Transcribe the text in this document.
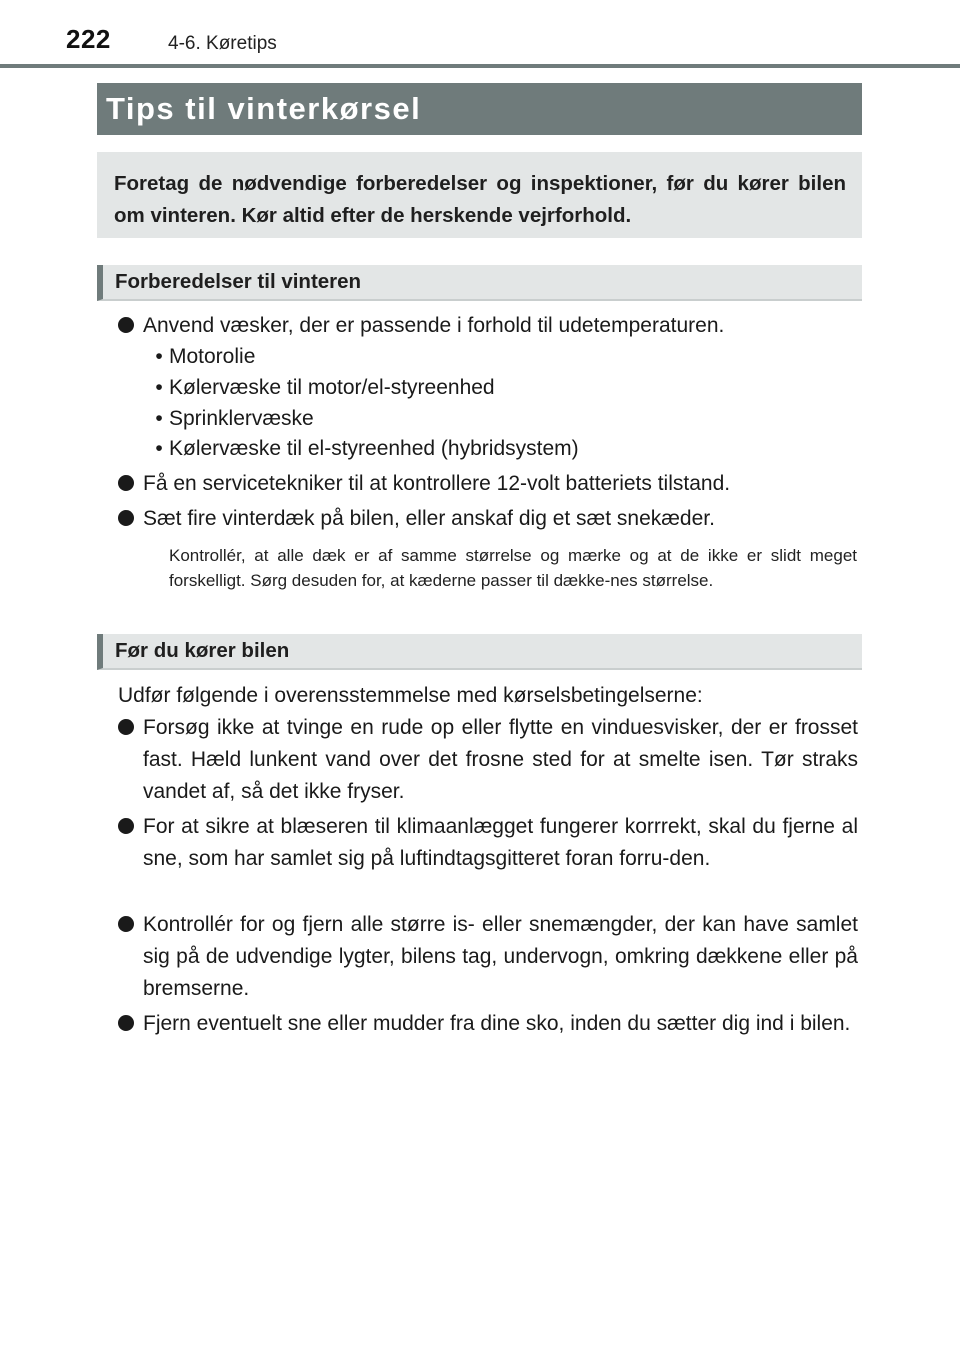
222	4-6. Køretips
Tips til vinterkørsel
Foretag de nødvendige forberedelser og inspektioner, før du kører bilen om vinteren. Kør altid efter de herskende vejrforhold.
Forberedelser til vinteren
Anvend væsker, der er passende i forhold til udetemperaturen.
• Motorolie
• Kølervæske til motor/el-styreenhed
• Sprinklervæske
• Kølervæske til el-styreenhed (hybridsystem)
Få en servicetekniker til at kontrollere 12-volt batteriets tilstand.
Sæt fire vinterdæk på bilen, eller anskaf dig et sæt snekæder.
Kontrollér, at alle dæk er af samme størrelse og mærke og at de ikke er slidt meget forskelligt. Sørg desuden for, at kæderne passer til dække-nes størrelse.
Før du kører bilen
Udfør følgende i overensstemmelse med kørselsbetingelserne:
Forsøg ikke at tvinge en rude op eller flytte en vinduesvisker, der er frosset fast. Hæld lunkent vand over det frosne sted for at smelte isen. Tør straks vandet af, så det ikke fryser.
For at sikre at blæseren til klimaanlægget fungerer korrrekt, skal du fjerne al sne, som har samlet sig på luftindtagsgitteret foran forru-den.
Kontrollér for og fjern alle større is- eller snemængder, der kan have samlet sig på de udvendige lygter, bilens tag, undervogn, omkring dækkene eller på bremserne.
Fjern eventuelt sne eller mudder fra dine sko, inden du sætter dig ind i bilen.
